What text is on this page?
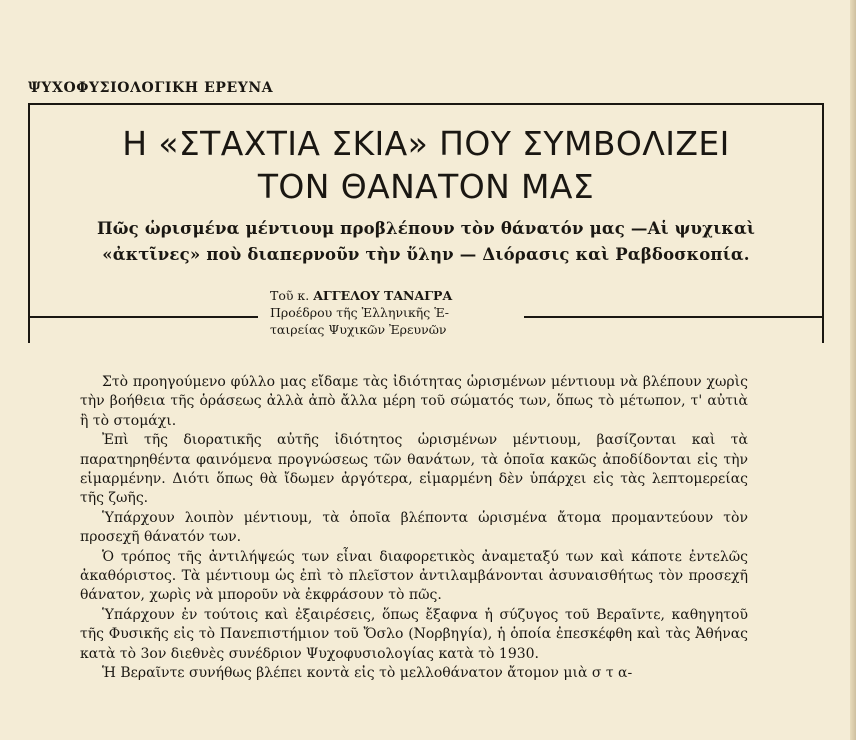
ΨΥΧΟΦΥΣΙΟΛΟΓΙΚΗ ΕΡΕΥΝΑ
Η «ΣΤΑΧΤΙΑ ΣΚΙΑ» ΠΟΥ ΣΥΜΒΟΛΙΖΕΙ
ΤΟΝ ΘΑΝΑΤΟΝ ΜΑΣ
Πῶς ὡρισμένα μέντιουμ προβλέπουν τὸν θάνατόν μας —Αἱ ψυχικαὶ
«ἀκτῖνες» ποὺ διαπερνοῦν τὴν ὕλην — Διόρασις καὶ Ραβδοσκοπία.
Τοῦ κ. ΑΓΓΕΛΟΥ ΤΑΝΑΓΡΑ
Προέδρου τῆς Ἑλληνικῆς Ἑ-
ταιρείας Ψυχικῶν Ἐρευνῶν

Στὸ προηγούμενο φύλλο μας εἴδαμε τὰς ἰδιότητας ὡρισμένων μέντιουμ νὰ βλέπουν χωρὶς τὴν βοήθεια τῆς ὁράσεως ἀλλὰ ἀπὸ ἄλλα μέρη τοῦ σώματός των, ὅπως τὸ μέτωπον, τ' αὐτιὰ ἢ τὸ στομάχι.

Ἐπὶ τῆς διορατικῆς αὐτῆς ἰδιότητος ὡρισμένων μέντιουμ, βασίζονται καὶ τὰ παρατηρηθέντα φαινόμενα προγνώσεως τῶν θανάτων, τὰ ὁποῖα κακῶς ἀποδίδονται εἰς τὴν εἱμαρμένην. Διότι ὅπως θὰ ἴδωμεν ἀργότερα, εἱμαρμένη δὲν ὑπάρχει εἰς τὰς λεπτομερείας τῆς ζωῆς.

Ὑπάρχουν λοιπὸν μέντιουμ, τὰ ὁποῖα βλέποντα ὡρισμένα ἄτομα προμαντεύουν τὸν προσεχῆ θάνατόν των.

Ὁ τρόπος τῆς ἀντιλήψεώς των εἶναι διαφορετικὸς ἀναμεταξύ των καὶ κάποτε ἐντελῶς ἀκαθόριστος. Τὰ μέντιουμ ὡς ἐπὶ τὸ πλεῖστον ἀντιλαμβάνονται ἀσυναισθήτως τὸν προσεχῆ θάνατον, χωρὶς νὰ μποροῦν νὰ ἐκφράσουν τὸ πῶς.

Ὑπάρχουν ἐν τούτοις καὶ ἐξαιρέσεις, ὅπως ἔξαφνα ἡ σύζυγος τοῦ Βεραῖντε, καθηγητοῦ τῆς Φυσικῆς εἰς τὸ Πανεπιστήμιον τοῦ Ὄσλο (Νορβηγία), ἡ ὁποία ἐπεσκέφθη καὶ τὰς Ἀθήνας κατὰ τὸ 3ον διεθνὲς συνέδριον Ψυχοφυσιολογίας κατὰ τὸ 1930.

Ἡ Βεραῖντε συνήθως βλέπει κοντὰ εἰς τὸ μελλοθάνατον ἄτομον μιὰ σ τ α-
